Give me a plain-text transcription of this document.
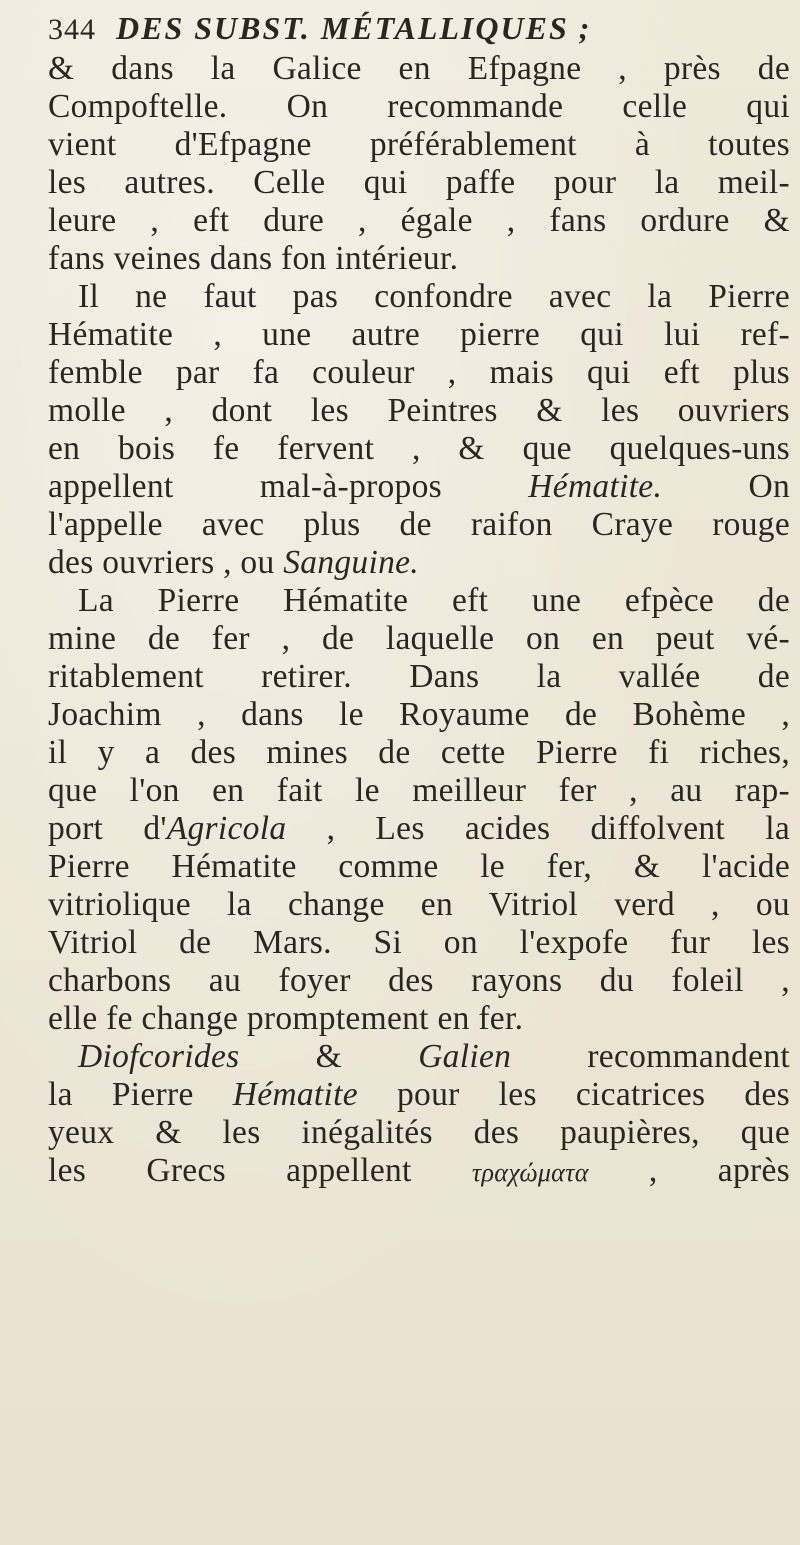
344 DES SUBST. MÉTALLIQUES ;
& dans la Galice en Efpagne , près de
Compoftelle. On recommande celle qui
vient d'Efpagne préférablement à toutes
les autres. Celle qui paffe pour la meil-
leure , eft dure , égale , fans ordure &
fans veines dans fon intérieur.
Il ne faut pas confondre avec la Pierre
Hématite , une autre pierre qui lui ref-
femble par fa couleur , mais qui eft plus
molle , dont les Peintres & les ouvriers
en bois fe fervent , & que quelques-uns
appellent mal-à-propos	Hématite.	On
l'appelle avec plus de raifon Craye rouge
des ouvriers , ou Sanguine.
La Pierre Hématite eft une efpèce de
mine de fer , de laquelle on en peut vé-
ritablement retirer. Dans la vallée de
Joachim , dans le Royaume de Bohème ,
il y a des mines de cette Pierre fi riches,
que l'on en fait le meilleur fer , au rap-
port d'Agricola , Les acides diffolvent la
Pierre Hématite comme le fer, & l'acide
vitriolique la change en Vitriol verd , ou
Vitriol de Mars. Si on l'expofe fur les
charbons au foyer des rayons du foleil ,
elle fe change promptement en fer.
Diofcorides & Galien recommandent
la Pierre Hématite pour les cicatrices des
yeux & les inégalités des paupières, que
les Grecs appellent τραχώματα , après
